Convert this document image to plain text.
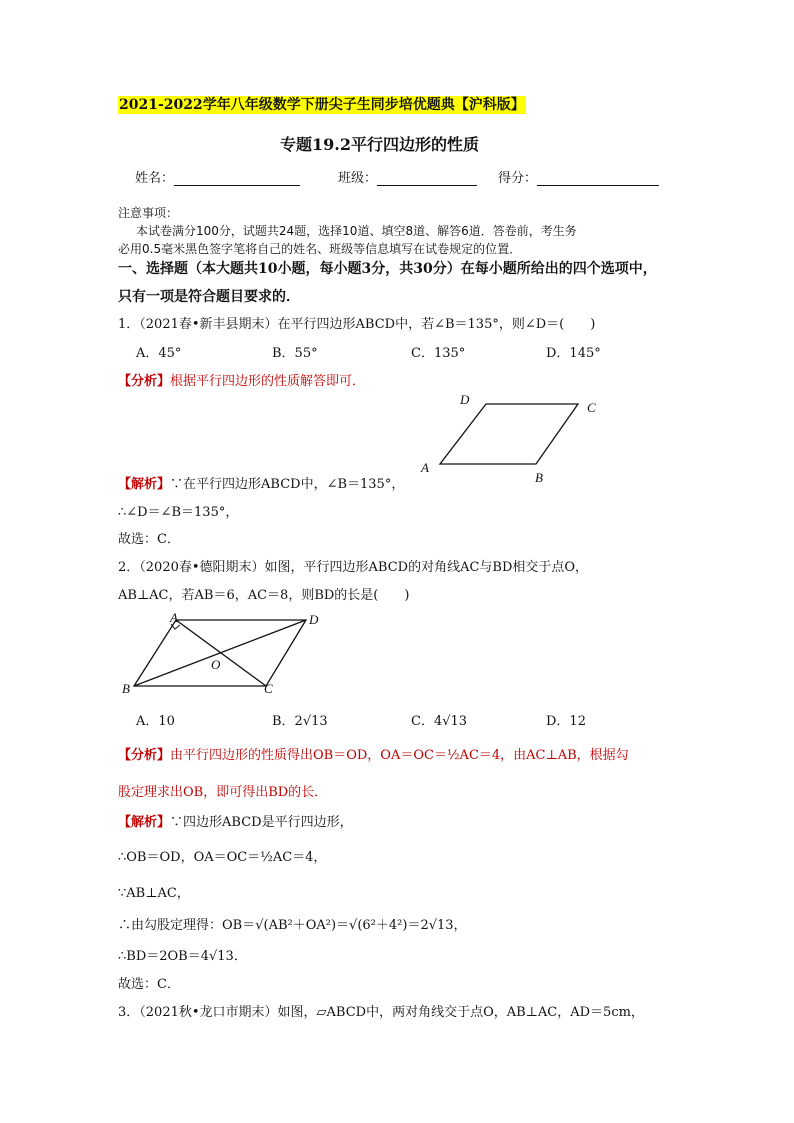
2021-2022学年八年级数学下册尖子生同步培优题典【沪科版】
专题19.2平行四边形的性质
姓名：	班级：	得分：
注意事项：
本试卷满分100分，试题共24题，选择10道、填空8道、解答6道．答卷前，考生务
必用0.5毫米黑色签字笔将自己的姓名、班级等信息填写在试卷规定的位置．
一、选择题（本大题共10小题，每小题3分，共30分）在每小题所给出的四个选项中，
只有一项是符合题目要求的．
1．（2021春•新丰县期末）在平行四边形ABCD中，若∠B＝135°，则∠D＝(　　)
A．45°	B．55°	C．135°	D．145°
【分析】根据平行四边形的性质解答即可．
D
C
A
B
【解析】∵在平行四边形ABCD中，∠B＝135°，
∴∠D＝∠B＝135°，
故选：C．
2．（2020春•德阳期末）如图，平行四边形ABCD的对角线AC与BD相交于点O，
AB⊥AC，若AB＝6，AC＝8，则BD的长是(　　)
A	D
O
B	C
A．10	B．2√13	C．4√13	D．12
【分析】由平行四边形的性质得出OB＝OD，OA＝OC＝½AC＝4，由AC⊥AB，根据勾
股定理求出OB，即可得出BD的长．
【解析】∵四边形ABCD是平行四边形，
∴OB＝OD，OA＝OC＝½AC＝4，
∵AB⊥AC，
∴由勾股定理得：OB＝√(AB²＋OA²)＝√(6²＋4²)＝2√13，
∴BD＝2OB＝4√13．
故选：C．
3．（2021秋•龙口市期末）如图，▱ABCD中，两对角线交于点O，AB⊥AC，AD＝5cm，
